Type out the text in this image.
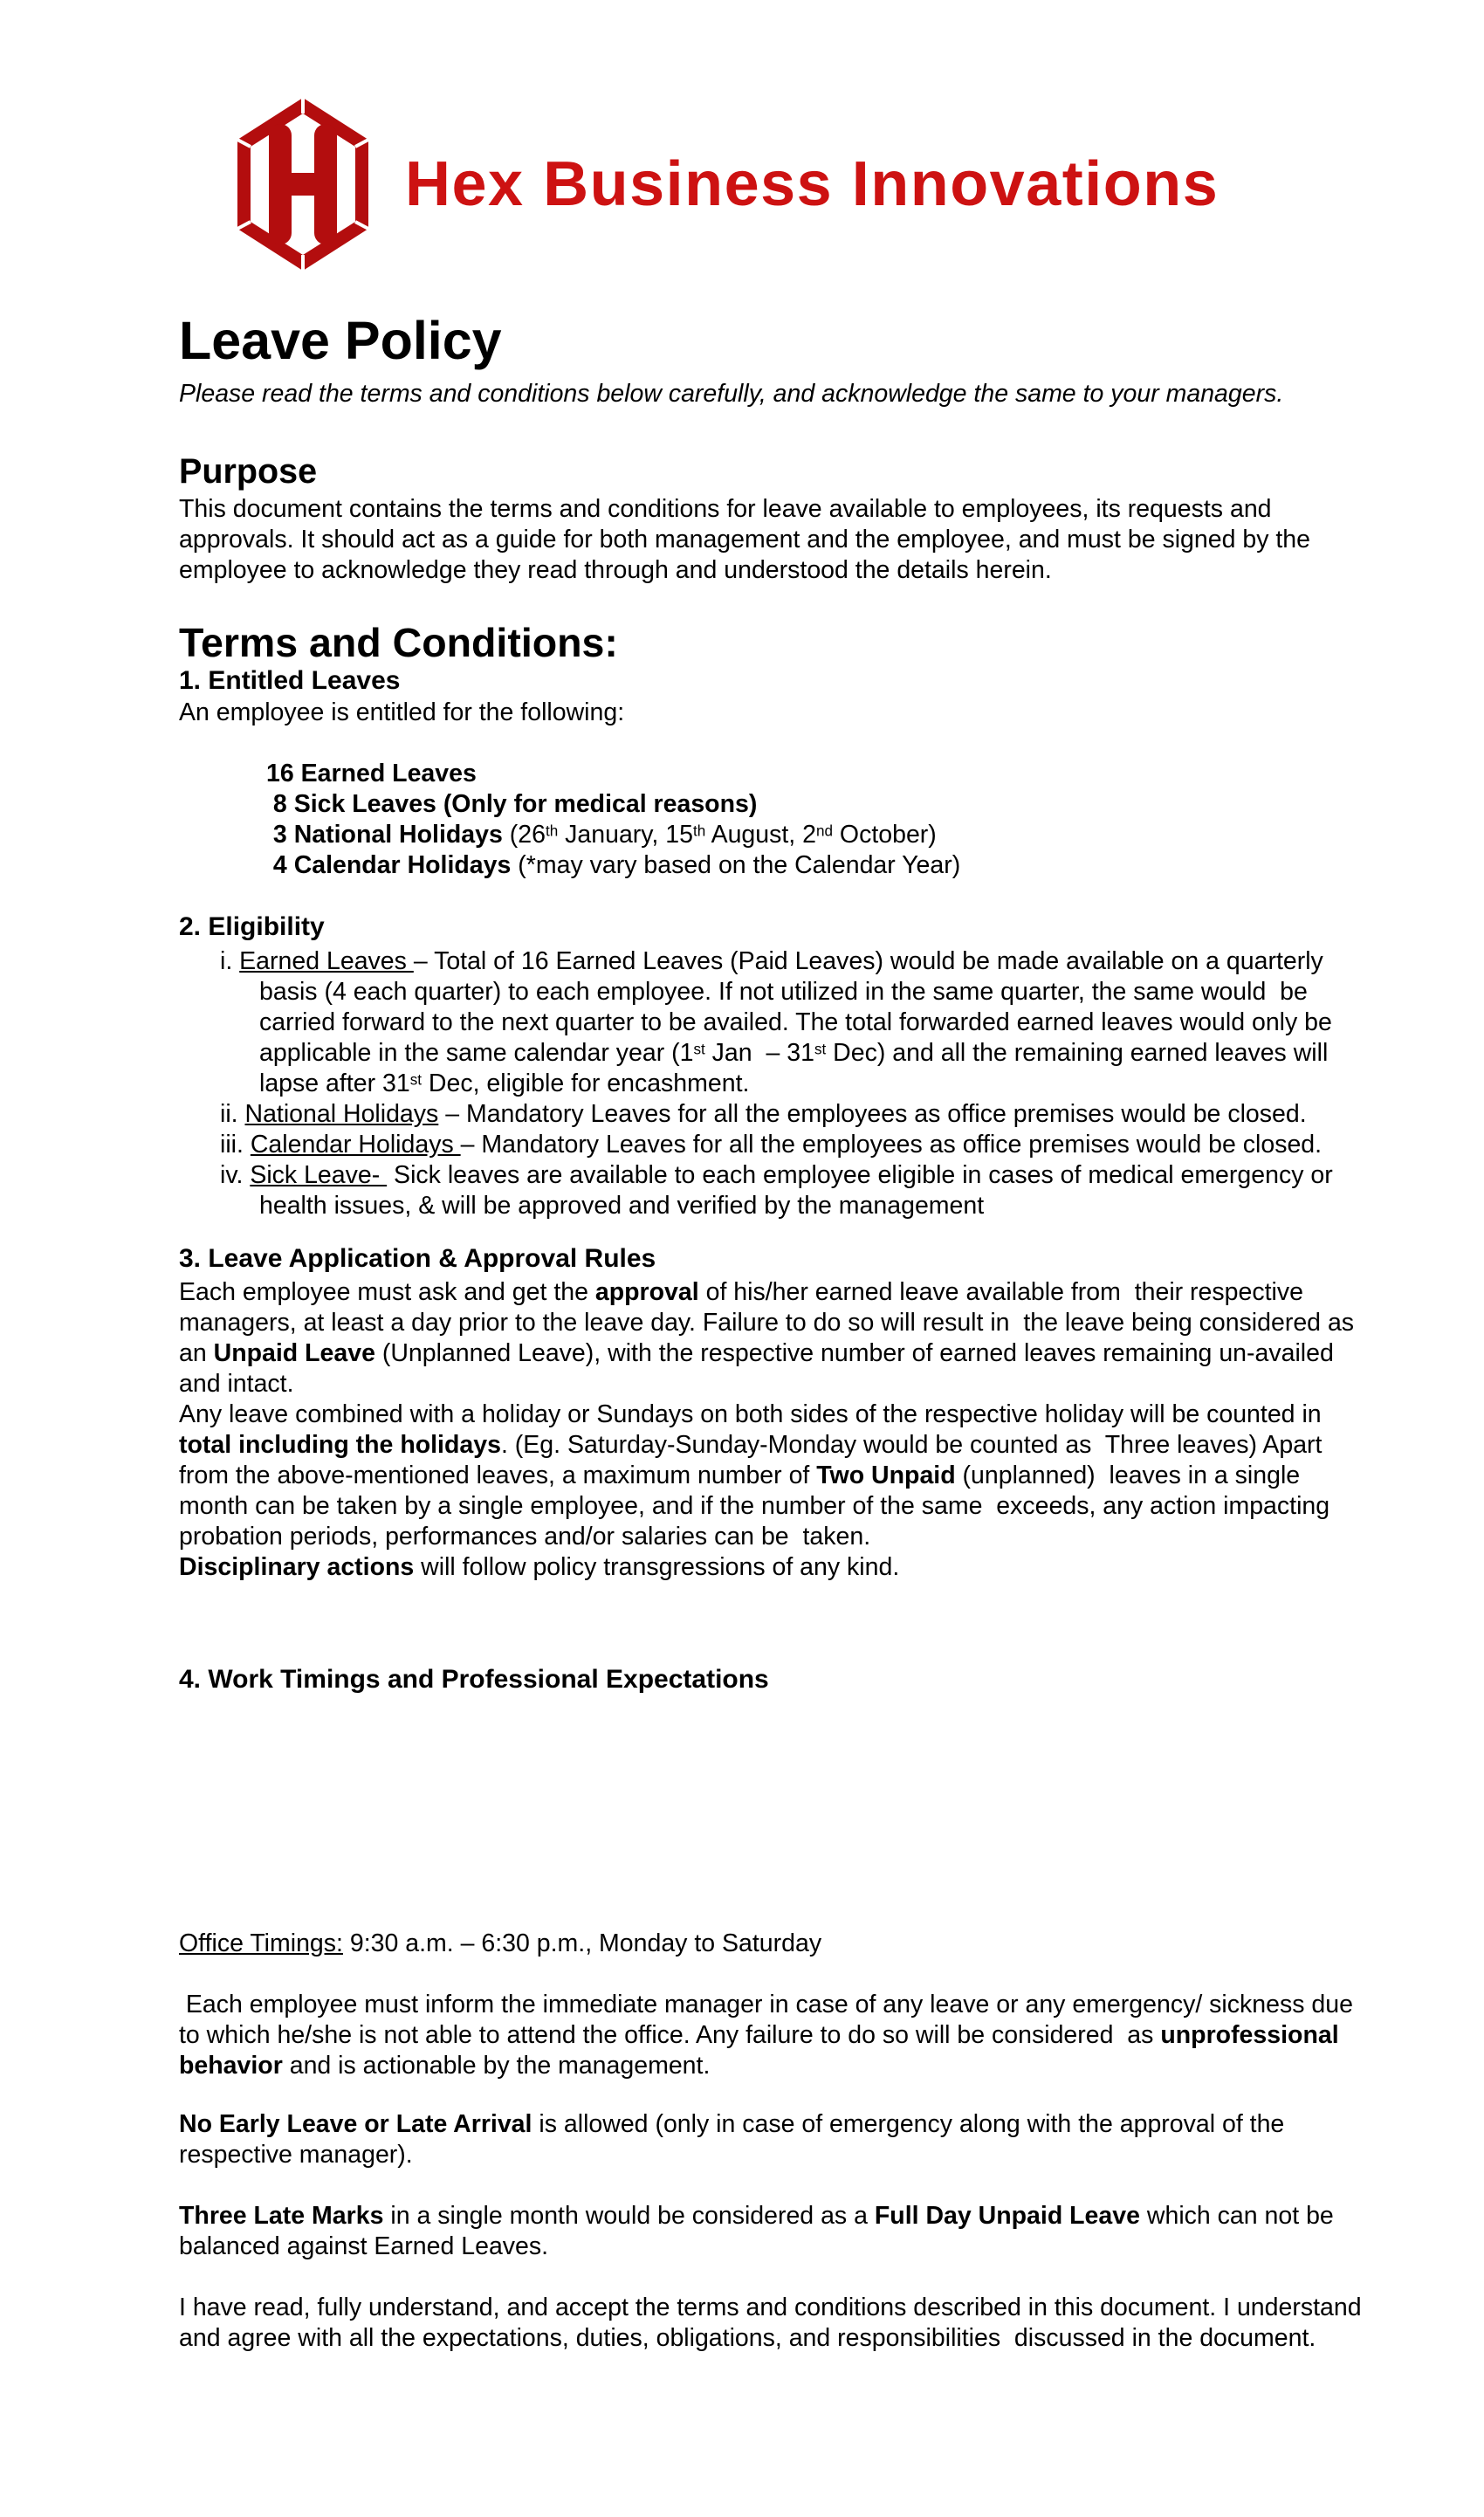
Hex Business Innovations
Leave Policy

Please read the terms and conditions below carefully, and acknowledge the same to your managers.

Purpose

This document contains the terms and conditions for leave available to employees, its requests and approvals. It should act as a guide for both management and the employee, and must be signed by the employee to acknowledge they read through and understood the details herein.

Terms and Conditions:
1. Entitled Leaves

An employee is entitled for the following:

16 Earned Leaves
8 Sick Leaves (Only for medical reasons)
3 National Holidays (26th January, 15th August, 2nd October)
4 Calendar Holidays (*may vary based on the Calendar Year)
2. Eligibility
i. Earned Leaves – Total of 16 Earned Leaves (Paid Leaves) would be made available on a quarterly basis (4 each quarter) to each employee. If not utilized in the same quarter, the same would  be carried forward to the next quarter to be availed. The total forwarded earned leaves would only be applicable in the same calendar year (1st Jan  – 31st Dec) and all the remaining earned leaves will lapse after 31st Dec, eligible for encashment.
ii. National Holidays – Mandatory Leaves for all the employees as office premises would be closed.
iii. Calendar Holidays – Mandatory Leaves for all the employees as office premises would be closed.
iv. Sick Leave-  Sick leaves are available to each employee eligible in cases of medical emergency or health issues, & will be approved and verified by the management
3. Leave Application & Approval Rules

Each employee must ask and get the approval of his/her earned leave available from  their respective managers, at least a day prior to the leave day. Failure to do so will result in  the leave being considered as an Unpaid Leave (Unplanned Leave), with the respective number of earned leaves remaining un-availed and intact.

Any leave combined with a holiday or Sundays on both sides of the respective holiday will be counted in total including the holidays. (Eg. Saturday-Sunday-Monday would be counted as  Three leaves) Apart from the above-mentioned leaves, a maximum number of Two Unpaid (unplanned)  leaves in a single month can be taken by a single employee, and if the number of the same  exceeds, any action impacting probation periods, performances and/or salaries can be  taken.

Disciplinary actions will follow policy transgressions of any kind.

4. Work Timings and Professional Expectations

Office Timings: 9:30 a.m. – 6:30 p.m., Monday to Saturday

Each employee must inform the immediate manager in case of any leave or any emergency/ sickness due to which he/she is not able to attend the office. Any failure to do so will be considered  as unprofessional behavior and is actionable by the management.

No Early Leave or Late Arrival is allowed (only in case of emergency along with the approval of the respective manager).

Three Late Marks in a single month would be considered as a Full Day Unpaid Leave which can not be balanced against Earned Leaves.

I have read, fully understand, and accept the terms and conditions described in this document. I understand and agree with all the expectations, duties, obligations, and responsibilities  discussed in the document.
